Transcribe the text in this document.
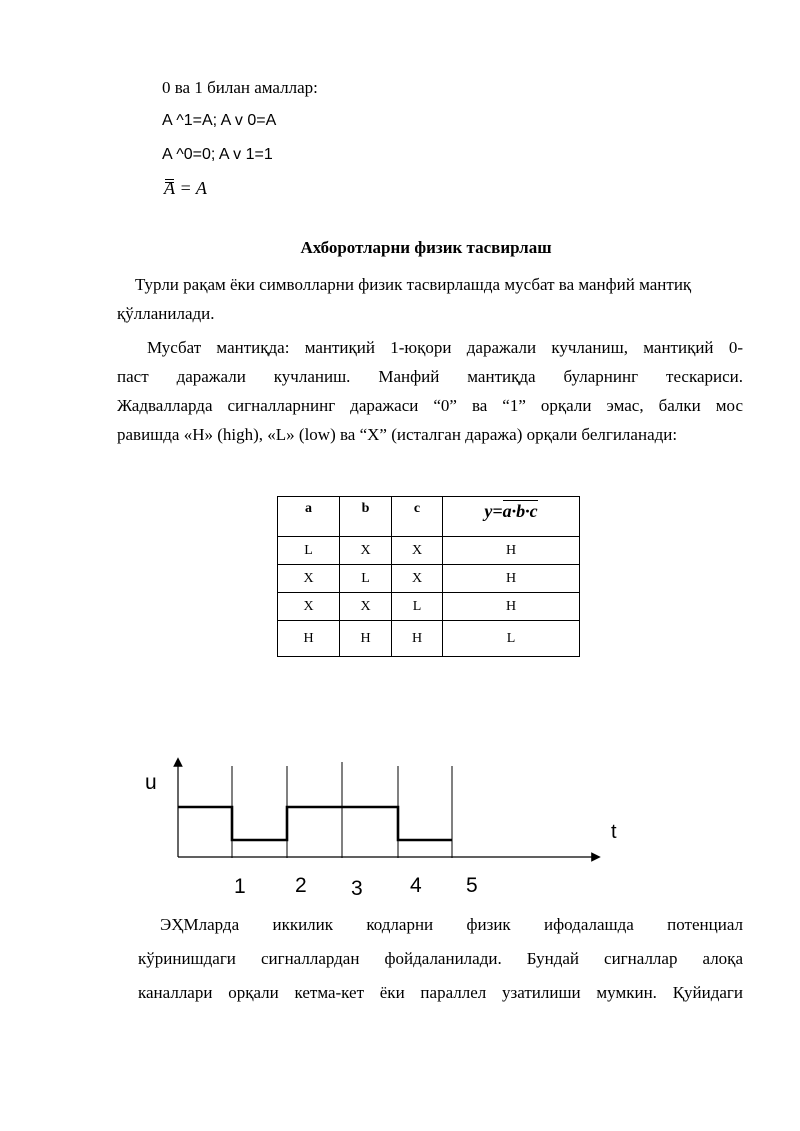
0 ва 1 билан амаллар:
A ^1=A; A v 0=A
A ^0=0; A v 1=1
A = A
Ахборотларни физик тасвирлаш
Турли рақам ёки символларни физик тасвирлашда мусбат ва манфий мантиқ
қўлланилади.
Мусбат мантиқда: мантиқий 1-юқори даражали кучланиш, мантиқий 0-
паст даражали кучланиш. Манфий мантиқда буларнинг тескариси.
Жадвалларда сигналларнинг даражаси “0” ва “1” орқали эмас, балки мос
равишда «H» (high), «L» (low) ва “X” (исталган даража) орқали белгиланади:
a	b	c	y=a·b·c
L	X	X	H
X	L	X	H
X	X	L	H
H	H	H	L
u
t
1 2 3 4 5
ЭҲМларда иккилик кодларни физик ифодалашда потенциал
кўринишдаги сигналлардан фойдаланилади. Бундай сигналлар алоқа
каналлари орқали кетма-кет ёки параллел узатилиши мумкин. Қуйидаги
